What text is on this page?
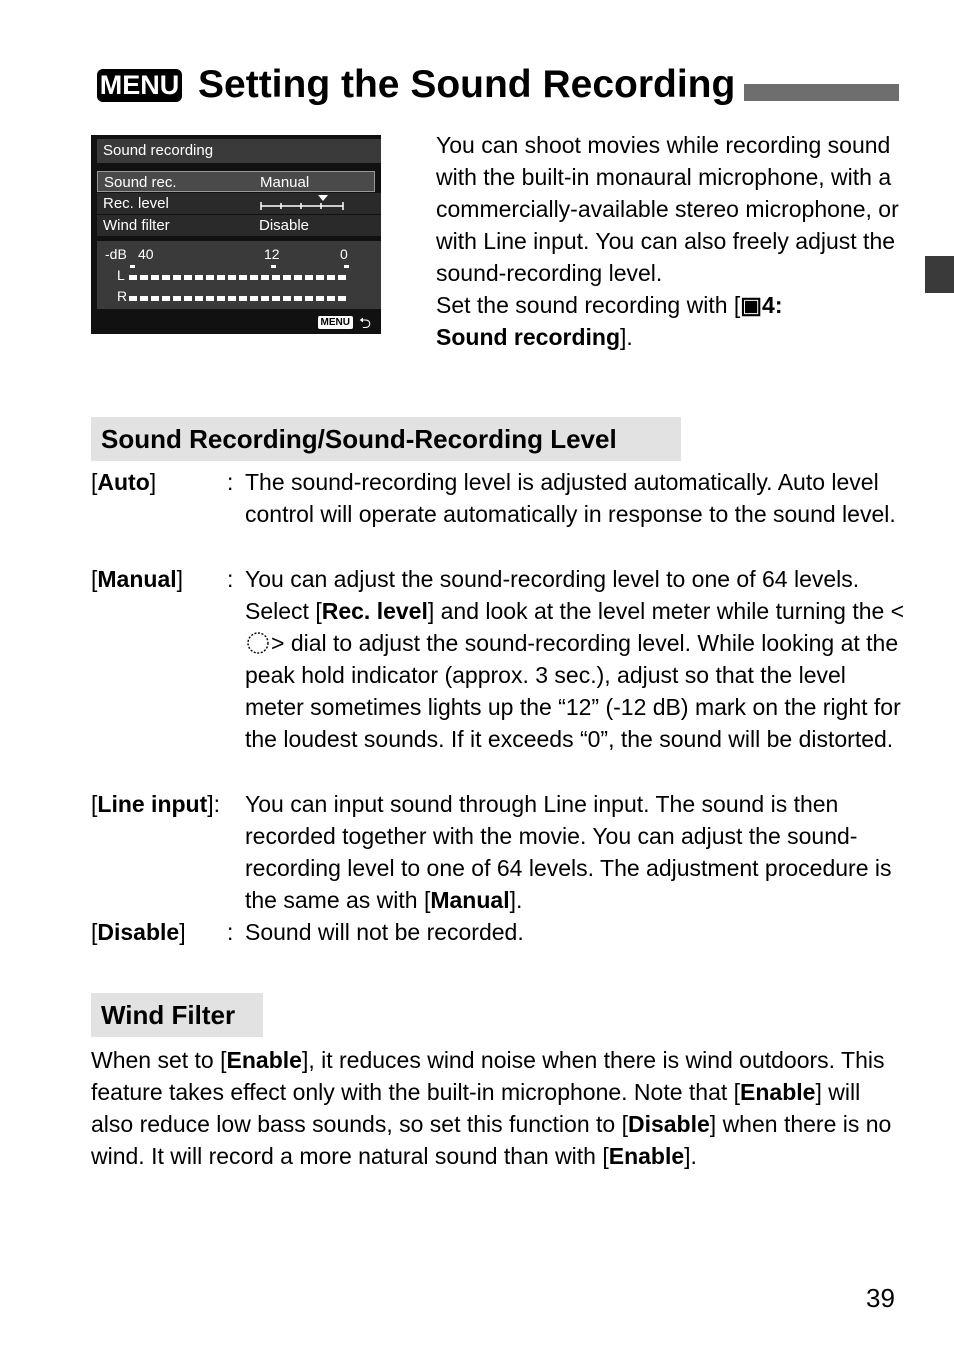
MENU Setting the Sound Recording
Sound recording
Sound rec.	Manual
Rec. level
Wind filter	Disable
-dB 40	12	0
L
R
MENU ⮌
You can shoot movies while recording sound with the built-in monaural microphone, with a commercially-available stereo microphone, or with Line input. You can also freely adjust the sound-recording level.
Set the sound recording with [▣4:
Sound recording].
Sound Recording/Sound-Recording Level
[Auto]	: The sound-recording level is adjusted automatically. Auto level control will operate automatically in response to the sound level.
[Manual] : You can adjust the sound-recording level to one of 64 levels. Select [Rec. level] and look at the level meter while turning the <> dial to adjust the sound-recording level. While looking at the peak hold indicator (approx. 3 sec.), adjust so that the level meter sometimes lights up the “12” (-12 dB) mark on the right for the loudest sounds. If it exceeds “0”, the sound will be distorted.
[Line input]: You can input sound through Line input. The sound is then recorded together with the movie. You can adjust the sound-recording level to one of 64 levels. The adjustment procedure is the same as with [Manual].
[Disable] : Sound will not be recorded.
Wind Filter
When set to [Enable], it reduces wind noise when there is wind outdoors. This feature takes effect only with the built-in microphone. Note that [Enable] will also reduce low bass sounds, so set this function to [Disable] when there is no wind. It will record a more natural sound than with [Enable].
39
